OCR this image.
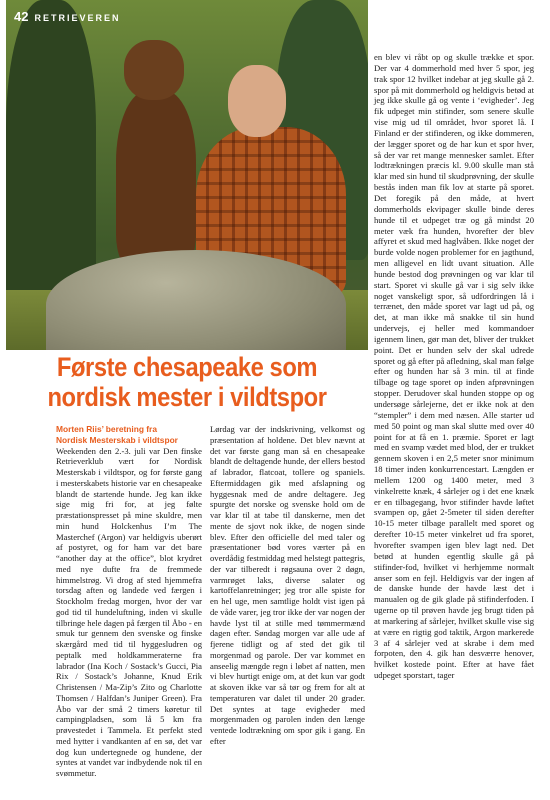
42 RETRIEVEREN
Første chesapeake som
nordisk mester i vildtspor
Morten Riis’ beretning fra
Nordisk Mesterskab i vildtspor

Weekenden den 2.-3. juli var Den finske Retrieverklub vært for Nordisk Mesterskab i vildtspor, og for første gang i mesterskabets historie var en chesapeake blandt de startende hunde. Jeg kan ikke sige mig fri for, at jeg følte præstationspresset på mine skuldre, men min hund Holckenhus I’m The Masterchef (Argon) var heldigvis uberørt af postyret, og for ham var det bare “another day at the office”, blot krydret med nye dufte fra de fremmede himmelstrøg. Vi drog af sted hjemmefra torsdag aften og landede ved færgen i Stockholm fredag morgen, hvor der var god tid til hundeluftning, inden vi skulle tilbringe hele dagen på færgen til Åbo - en smuk tur gennem den svenske og finske skærgård med tid til hyggesludren og peptalk med holdkammeraterne fra labrador (Ina Koch / Sostack’s Gucci, Pia Rix / Sostack’s Johanne, Knud Erik Christensen / Ma-Zip’s Zito og Charlotte Thomsen / Halfdan’s Juniper Green). Fra Åbo var der små 2 timers køretur til campingpladsen, som lå 5 km fra prøvestedet i Tammela. Et perfekt sted med hytter i vandkanten af en sø, det var dog kun undertegnede og hundene, der syntes at vandet var indbydende nok til en svømmetur.

Lørdag var der indskrivning, velkomst og præsentation af holdene. Det blev nævnt at det var første gang man så en chesapeake blandt de deltagende hunde, der ellers bestod af labrador, flatcoat, tollere og spaniels. Eftermiddagen gik med afslapning og hyggesnak med de andre deltagere. Jeg spurgte det norske og svenske hold om de var klar til at tabe til danskerne, men det mente de sjovt nok ikke, de nogen sinde blev. Efter den officielle del med taler og præsentationer bød vores værter på en overdådig festmiddag med helstegt pattegris, der var tilberedt i røgsauna over 2 døgn, varmrøget laks, diverse salater og kartoffelanretninger; jeg tror alle spiste for en hel uge, men samtlige holdt vist igen på de våde varer, jeg tror ikke der var nogen der havde lyst til at stille med tømmermænd dagen efter. Søndag morgen var alle ude af fjerene tidligt og af sted det gik til morgenmad og parole. Der var kommet en anseelig mængde regn i løbet af natten, men vi blev hurtigt enige om, at det kun var godt at skoven ikke var så tør og frem for alt at temperaturen var dalet til under 20 grader. Det syntes at tage evigheder med morgenmaden og parolen inden den længe ventede lodtrækning om spor gik i gang. En efter

en blev vi råbt op og skulle trække et spor. Der var 4 dommerhold med hver 5 spor, jeg trak spor 12 hvilket indebar at jeg skulle gå 2. spor på mit dommerhold og heldigvis betød at jeg ikke skulle gå og vente i ‘evigheder’. Jeg fik udpeget min stifinder, som senere skulle vise mig ud til området, hvor sporet lå. I Finland er der stifinderen, og ikke dommeren, der lægger sporet og de har kun et spor hver, så der var ret mange mennesker samlet. Efter lodtrækningen præcis kl. 9.00 skulle man stå klar med sin hund til skudprøvning, der skulle bestås inden man fik lov at starte på sporet. Det foregik på den måde, at hvert dommerholds ekvipager skulle binde deres hunde til et udpeget træ og gå mindst 20 meter væk fra hunden, hvorefter der blev affyret et skud med haglvåben. Ikke noget der burde volde nogen problemer for en jagthund, men alligevel en lidt uvant situation. Alle hunde bestod dog prøvningen og var klar til start. Sporet vi skulle gå var i sig selv ikke noget vanskeligt spor, så udfordringen lå i terrænet, den måde sporet var lagt ud på, og det, at man ikke må snakke til sin hund undervejs, ej heller med kommandoer igennem linen, gør man det, bliver der trukket point. Det er hunden selv der skal udrede sporet og gå efter på afledning, skal man følge efter og hunden har så 3 min. til at finde tilbage og tage sporet op inden afprøvningen stopper. Derudover skal hunden stoppe op og undersøge sårlejerne, det er ikke nok at den “stempler” i dem med næsen. Alle starter ud med 50 point og man skal slutte med over 40 point for at få en 1. præmie. Sporet er lagt med en svamp vædet med blod, der er trukket gennem skoven i en 2,5 meter snor minimum 18 timer inden konkurrencestart. Længden er mellem 1200 og 1400 meter, med 3 vinkelrette knæk, 4 sårlejer og i det ene knæk er en tilbagegang, hvor stifinder havde løftet svampen op, gået 2-5meter til siden derefter 10-15 meter tilbage parallelt med sporet og derefter 10-15 meter vinkelret ud fra sporet, hvorefter svampen igen blev lagt ned. Det betød at hunden egentlig skulle gå på stifinder-fod, hvilket vi herhjemme normalt anser som en fejl. Heldigvis var der ingen af de danske hunde der havde læst det i manualen og de gik glade på stifinderfoden. I ugerne op til prøven havde jeg brugt tiden på at markering af sårlejer, hvilket skulle vise sig at være en rigtig god taktik, Argon markerede 3 af 4 sårlejer ved at skrabe i dem med forpoten, den 4. gik han desværre henover, hvilket kostede point. Efter at have fået udpeget sporstart, tager
